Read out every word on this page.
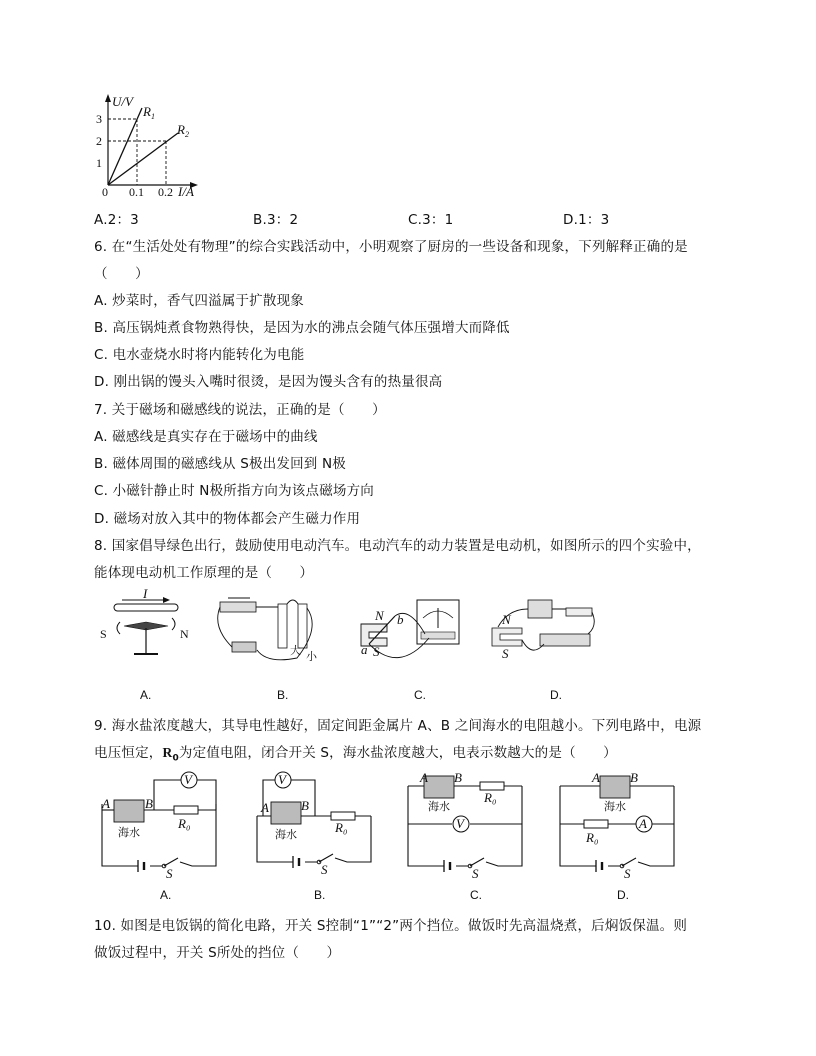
U/V
$R_1$
$R_2$
3
2
1
0 0.1 0.2 I/A
A.2：3	B.3：2	C.3：1	D.1：3
6. 在“生活处处有物理”的综合实践活动中，小明观察了厨房的一些设备和现象，下列解释正确的是
（　　）
A. 炒菜时，香气四溢属于扩散现象
B. 高压锅炖煮食物熟得快，是因为水的沸点会随气体压强增大而降低
C. 电水壶烧水时将内能转化为电能
D. 刚出锅的馒头入嘴时很烫，是因为馒头含有的热量很高
7. 关于磁场和磁感线的说法，正确的是（　　）
A. 磁感线是真实存在于磁场中的曲线
B. 磁体周围的磁感线从 S极出发回到 N极
C. 小磁针静止时 N极所指方向为该点磁场方向
D. 磁场对放入其中的物体都会产生磁力作用
8. 国家倡导绿色出行，鼓励使用电动汽车。电动汽车的动力装置是电动机，如图所示的四个实验中，
能体现电动机工作原理的是（　　）
I
S	N
A.
大 小
B.
N
S
a
b
C.
N
S
D.
9. 海水盐浓度越大，其导电性越好，固定间距金属片 A、B 之间海水的电阻越小。下列电路中，电源
电压恒定，$R_0$为定值电阻，闭合开关 S，海水盐浓度越大，电表示数越大的是（　　）
V
A	B
海水
R₀
S
A.
V
A B
海水	R₀
S
B.
V
A B
海水
R₀
S
C.
A
A B
海水
R₀
S
D.
10. 如图是电饭锅的简化电路，开关 S控制“1”“2”两个挡位。做饭时先高温烧煮，后焖饭保温。则
做饭过程中，开关 S所处的挡位（　　）
